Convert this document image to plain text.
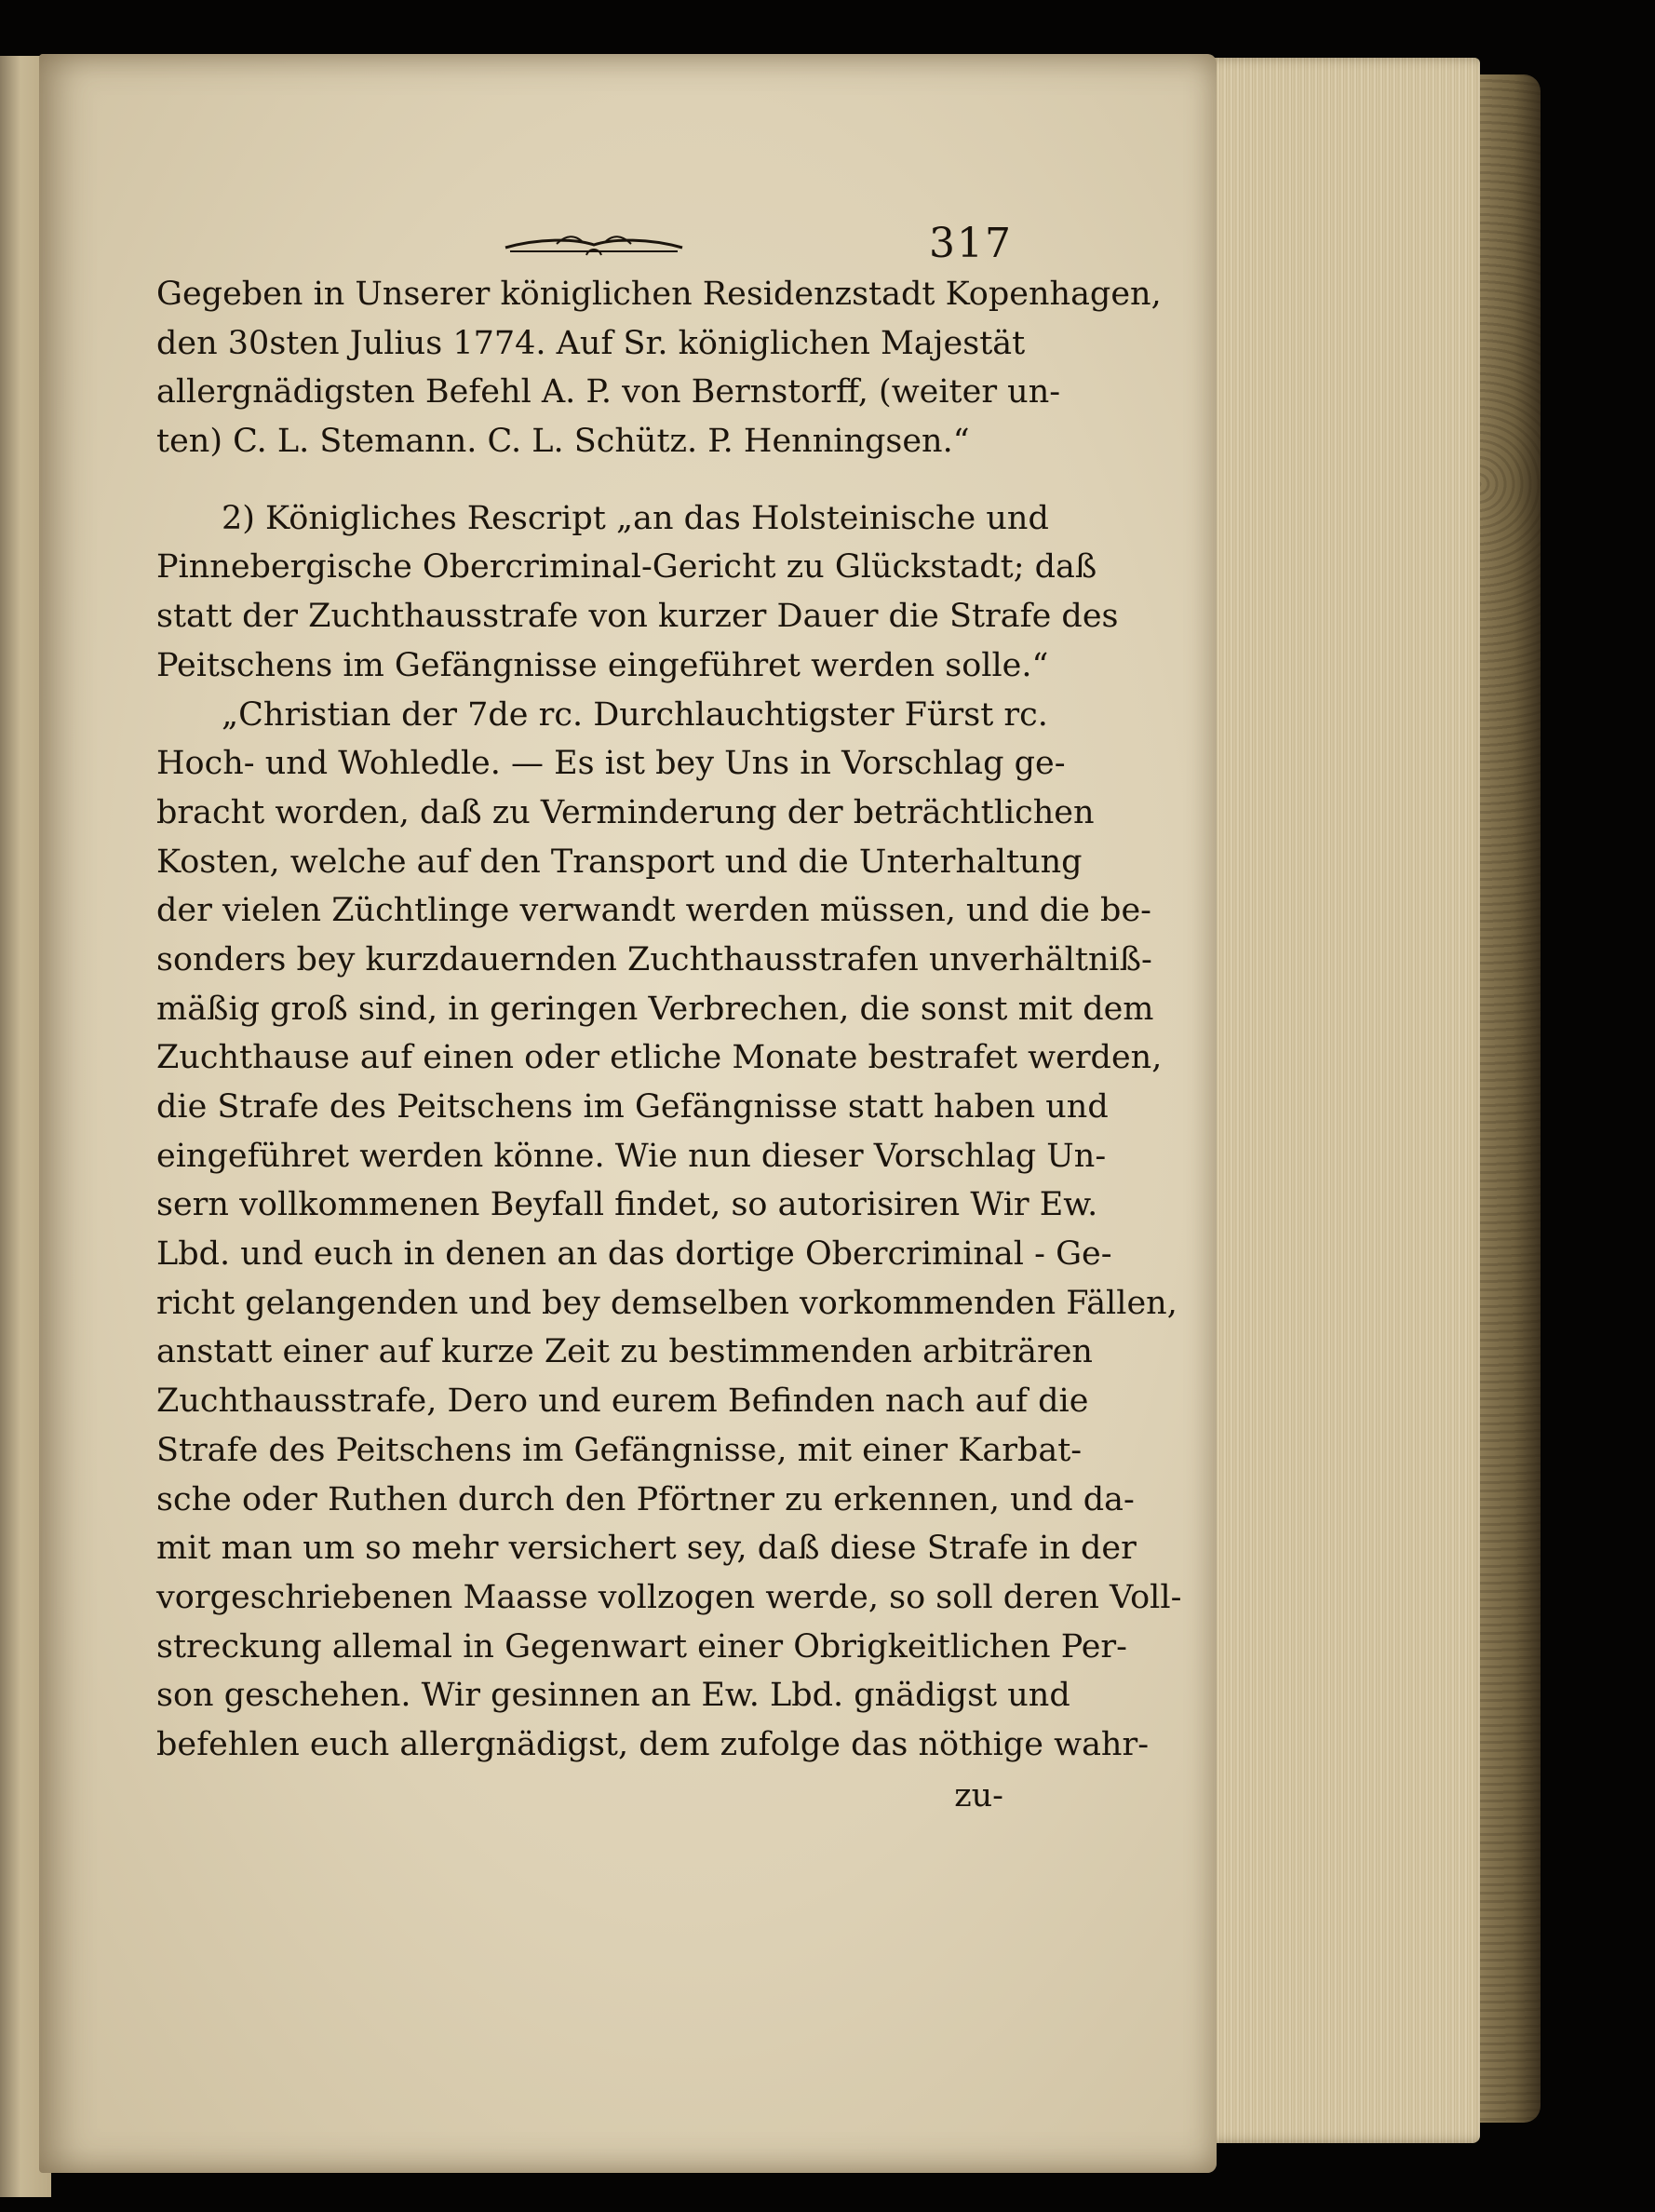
317
Gegeben in Unserer königlichen Residenzstadt Kopenhagen,
den 30sten Julius 1774. Auf Sr. königlichen Majestät
allergnädigsten Befehl A. P. von Bernstorff, (weiter un-
ten) C. L. Stemann. C. L. Schütz. P. Henningsen.“
2) Königliches Rescript „an das Holsteinische und
Pinnebergische Obercriminal-Gericht zu Glückstadt; daß
statt der Zuchthausstrafe von kurzer Dauer die Strafe des
Peitschens im Gefängnisse eingeführet werden solle.“
„Christian der 7de rc. Durchlauchtigster Fürst rc.
Hoch- und Wohledle. — Es ist bey Uns in Vorschlag ge-
bracht worden, daß zu Verminderung der beträchtlichen
Kosten, welche auf den Transport und die Unterhaltung
der vielen Züchtlinge verwandt werden müssen, und die be-
sonders bey kurzdauernden Zuchthausstrafen unverhältniß-
mäßig groß sind, in geringen Verbrechen, die sonst mit dem
Zuchthause auf einen oder etliche Monate bestrafet werden,
die Strafe des Peitschens im Gefängnisse statt haben und
eingeführet werden könne. Wie nun dieser Vorschlag Un-
sern vollkommenen Beyfall findet, so autorisiren Wir Ew.
Lbd. und euch in denen an das dortige Obercriminal - Ge-
richt gelangenden und bey demselben vorkommenden Fällen,
anstatt einer auf kurze Zeit zu bestimmenden arbiträren
Zuchthausstrafe, Dero und eurem Befinden nach auf die
Strafe des Peitschens im Gefängnisse, mit einer Karbat-
sche oder Ruthen durch den Pförtner zu erkennen, und da-
mit man um so mehr versichert sey, daß diese Strafe in der
vorgeschriebenen Maasse vollzogen werde, so soll deren Voll-
streckung allemal in Gegenwart einer Obrigkeitlichen Per-
son geschehen. Wir gesinnen an Ew. Lbd. gnädigst und
befehlen euch allergnädigst, dem zufolge das nöthige wahr-
zu-
